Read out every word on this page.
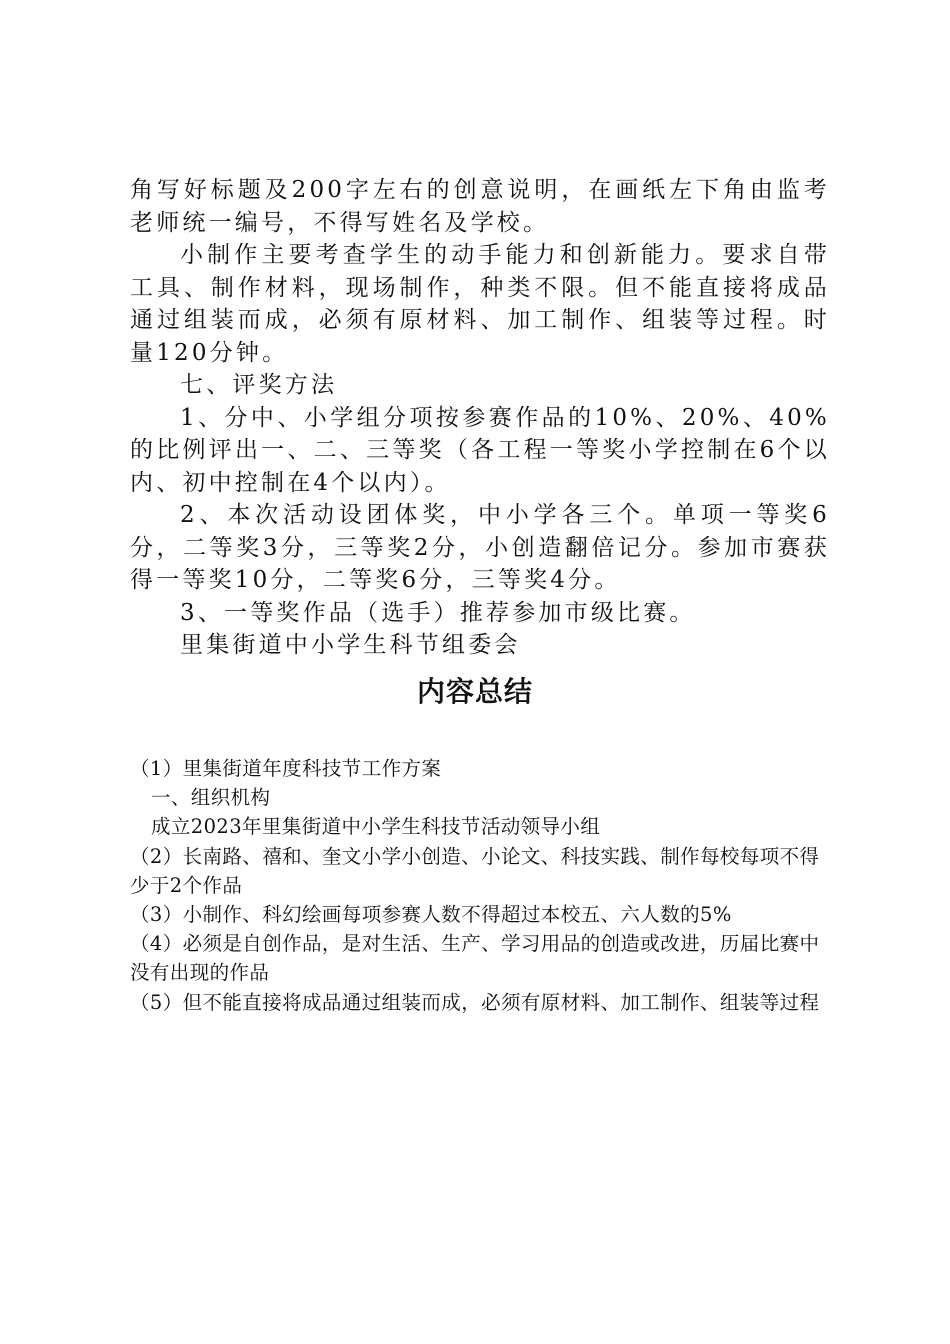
角写好标题及200字左右的创意说明，在画纸左下角由监考老师统一编号，不得写姓名及学校。

小制作主要考查学生的动手能力和创新能力。要求自带工具、制作材料，现场制作，种类不限。但不能直接将成品通过组装而成，必须有原材料、加工制作、组装等过程。时量120分钟。

七、评奖方法

1、分中、小学组分项按参赛作品的10%、20%、40%的比例评出一、二、三等奖（各工程一等奖小学控制在6个以内、初中控制在4个以内）。

2、本次活动设团体奖，中小学各三个。单项一等奖6分，二等奖3分，三等奖2分，小创造翻倍记分。参加市赛获得一等奖10分，二等奖6分，三等奖4分。

3、一等奖作品（选手）推荐参加市级比赛。

里集街道中小学生科节组委会

内容总结

（1）里集街道年度科技节工作方案

一、组织机构

成立2023年里集街道中小学生科技节活动领导小组

（2）长南路、禧和、奎文小学小创造、小论文、科技实践、制作每校每项不得少于2个作品

（3）小制作、科幻绘画每项参赛人数不得超过本校五、六人数的5%

（4）必须是自创作品，是对生活、生产、学习用品的创造或改进，历届比赛中没有出现的作品

（5）但不能直接将成品通过组装而成，必须有原材料、加工制作、组装等过程
